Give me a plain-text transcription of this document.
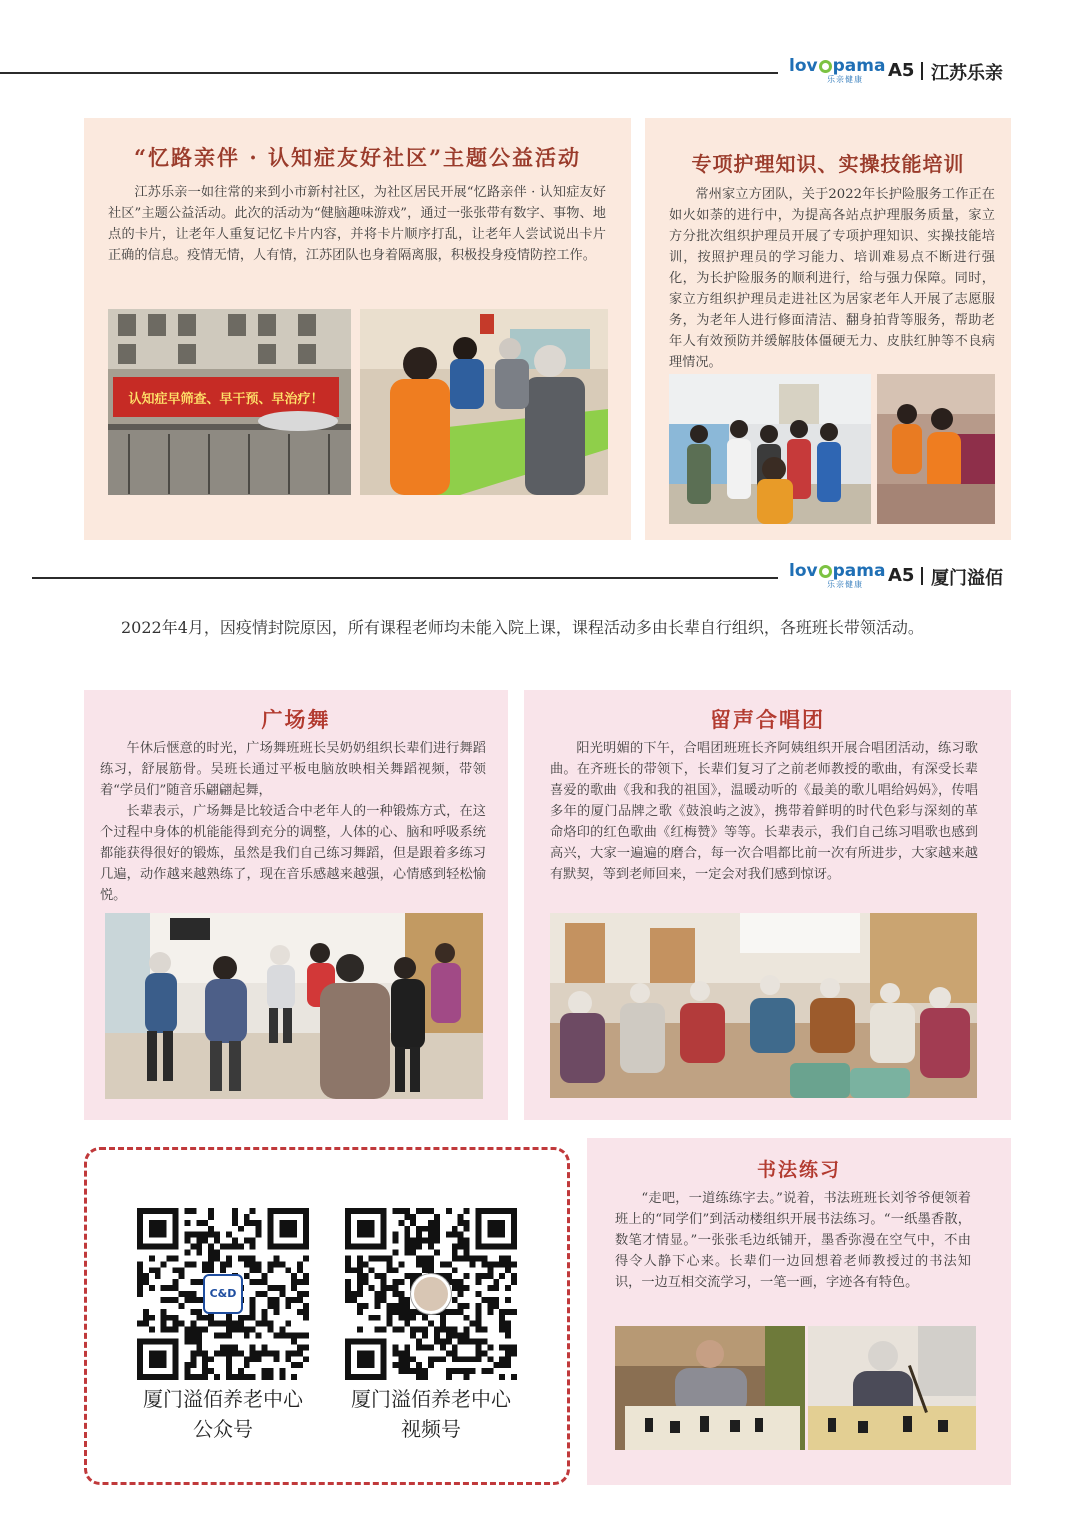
lov pama
乐亲健康	A5 江苏乐亲
“忆路亲伴 · 认知症友好社区”主题公益活动

江苏乐亲一如往常的来到小市新村社区，为社区居民开展“忆路亲伴 · 认知症友好社区”主题公益活动。此次的活动为“健脑趣味游戏”，通过一张张带有数字、事物、地点的卡片，让老年人重复记忆卡片内容，并将卡片顺序打乱，让老年人尝试说出卡片正确的信息。疫情无情，人有情，江苏团队也身着隔离服，积极投身疫情防控工作。

认知症早筛查、早干预、早治疗！
专项护理知识、实操技能培训

常州家立方团队，关于2022年长护险服务工作正在如火如荼的进行中，为提高各站点护理服务质量，家立方分批次组织护理员开展了专项护理知识、实操技能培训，按照护理员的学习能力、培训难易点不断进行强化，为长护险服务的顺利进行，给与强力保障。同时，家立方组织护理员走进社区为居家老年人开展了志愿服务，为老年人进行修面清洁、翻身拍背等服务，帮助老年人有效预防并缓解肢体僵硬无力、皮肤红肿等不良病理情况。

lov pama
乐亲健康	A5 厦门溢佰
2022年4月，因疫情封院原因，所有课程老师均未能入院上课，课程活动多由长辈自行组织，各班班长带领活动。
广场舞

午休后惬意的时光，广场舞班班长吴奶奶组织长辈们进行舞蹈练习，舒展筋骨。吴班长通过平板电脑放映相关舞蹈视频，带领着“学员们”随音乐翩翩起舞，

长辈表示，广场舞是比较适合中老年人的一种锻炼方式，在这个过程中身体的机能能得到充分的调整，人体的心、脑和呼吸系统都能获得很好的锻炼，虽然是我们自己练习舞蹈，但是跟着多练习几遍，动作越来越熟练了，现在音乐感越来越强，心情感到轻松愉悦。

留声合唱团

阳光明媚的下午，合唱团班班长齐阿姨组织开展合唱团活动，练习歌曲。在齐班长的带领下，长辈们复习了之前老师教授的歌曲，有深受长辈喜爱的歌曲《我和我的祖国》，温暖动听的《最美的歌儿唱给妈妈》，传唱多年的厦门品牌之歌《鼓浪屿之波》，携带着鲜明的时代色彩与深刻的革命烙印的红色歌曲《红梅赞》等等。长辈表示，我们自己练习唱歌也感到高兴，大家一遍遍的磨合，每一次合唱都比前一次有所进步，大家越来越有默契，等到老师回来，一定会对我们感到惊讶。

C&D
厦门溢佰养老中心
公众号
厦门溢佰养老中心
视频号
书法练习

“走吧，一道练练字去。”说着，书法班班长刘爷爷便领着班上的“同学们”到活动楼组织开展书法练习。“一纸墨香散，数笔才情显。”一张张毛边纸铺开，墨香弥漫在空气中，不由得令人静下心来。长辈们一边回想着老师教授过的书法知识，一边互相交流学习，一笔一画，字迹各有特色。
